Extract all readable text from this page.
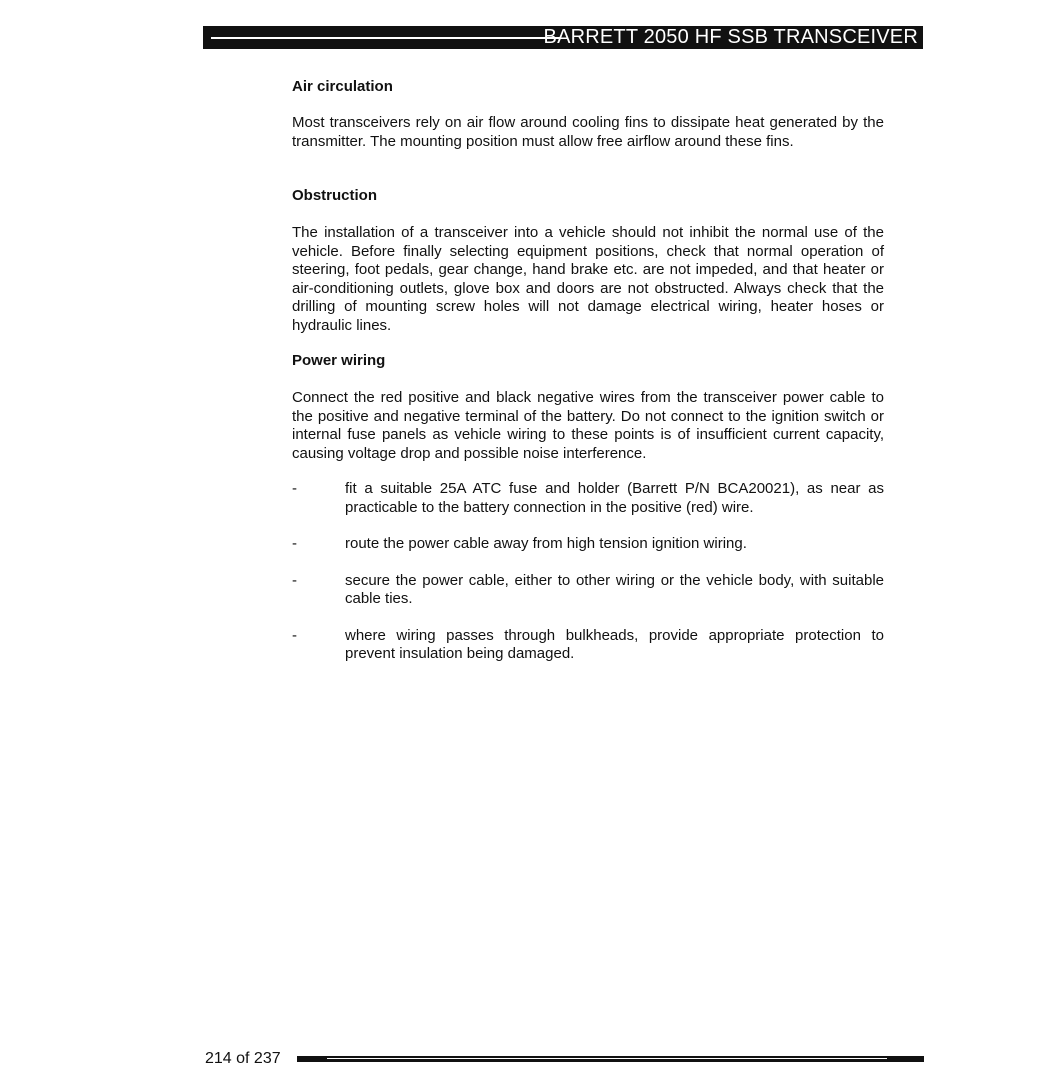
BARRETT 2050 HF SSB TRANSCEIVER
Air circulation

Most transceivers rely on air flow around cooling fins to dissipate heat generated by the transmitter. The mounting position must allow free airflow around these fins.

Obstruction

The installation of a transceiver into a vehicle should not inhibit the normal use of the vehicle. Before finally selecting equipment positions, check that normal operation of steering, foot pedals, gear change, hand brake etc. are not impeded, and that heater or air-conditioning outlets, glove box and doors are not obstructed. Always check that the drilling of mounting screw holes will not damage electrical wiring, heater hoses or hydraulic lines.

Power wiring

Connect the red positive and black negative wires from the transceiver power cable to the positive and negative terminal of the battery. Do not connect to the ignition switch or internal fuse panels as vehicle wiring to these points is of insufficient current capacity, causing voltage drop and possible noise interference.

-	fit a suitable 25A ATC fuse and holder (Barrett P/N BCA20021), as near as practicable to the battery connection in the positive (red) wire.
-	route the power cable away from high tension ignition wiring.
-	secure the power cable, either to other wiring or the vehicle body, with suitable cable ties.
-	where wiring passes through bulkheads, provide appropriate protection to prevent insulation being damaged.
214 of 237
